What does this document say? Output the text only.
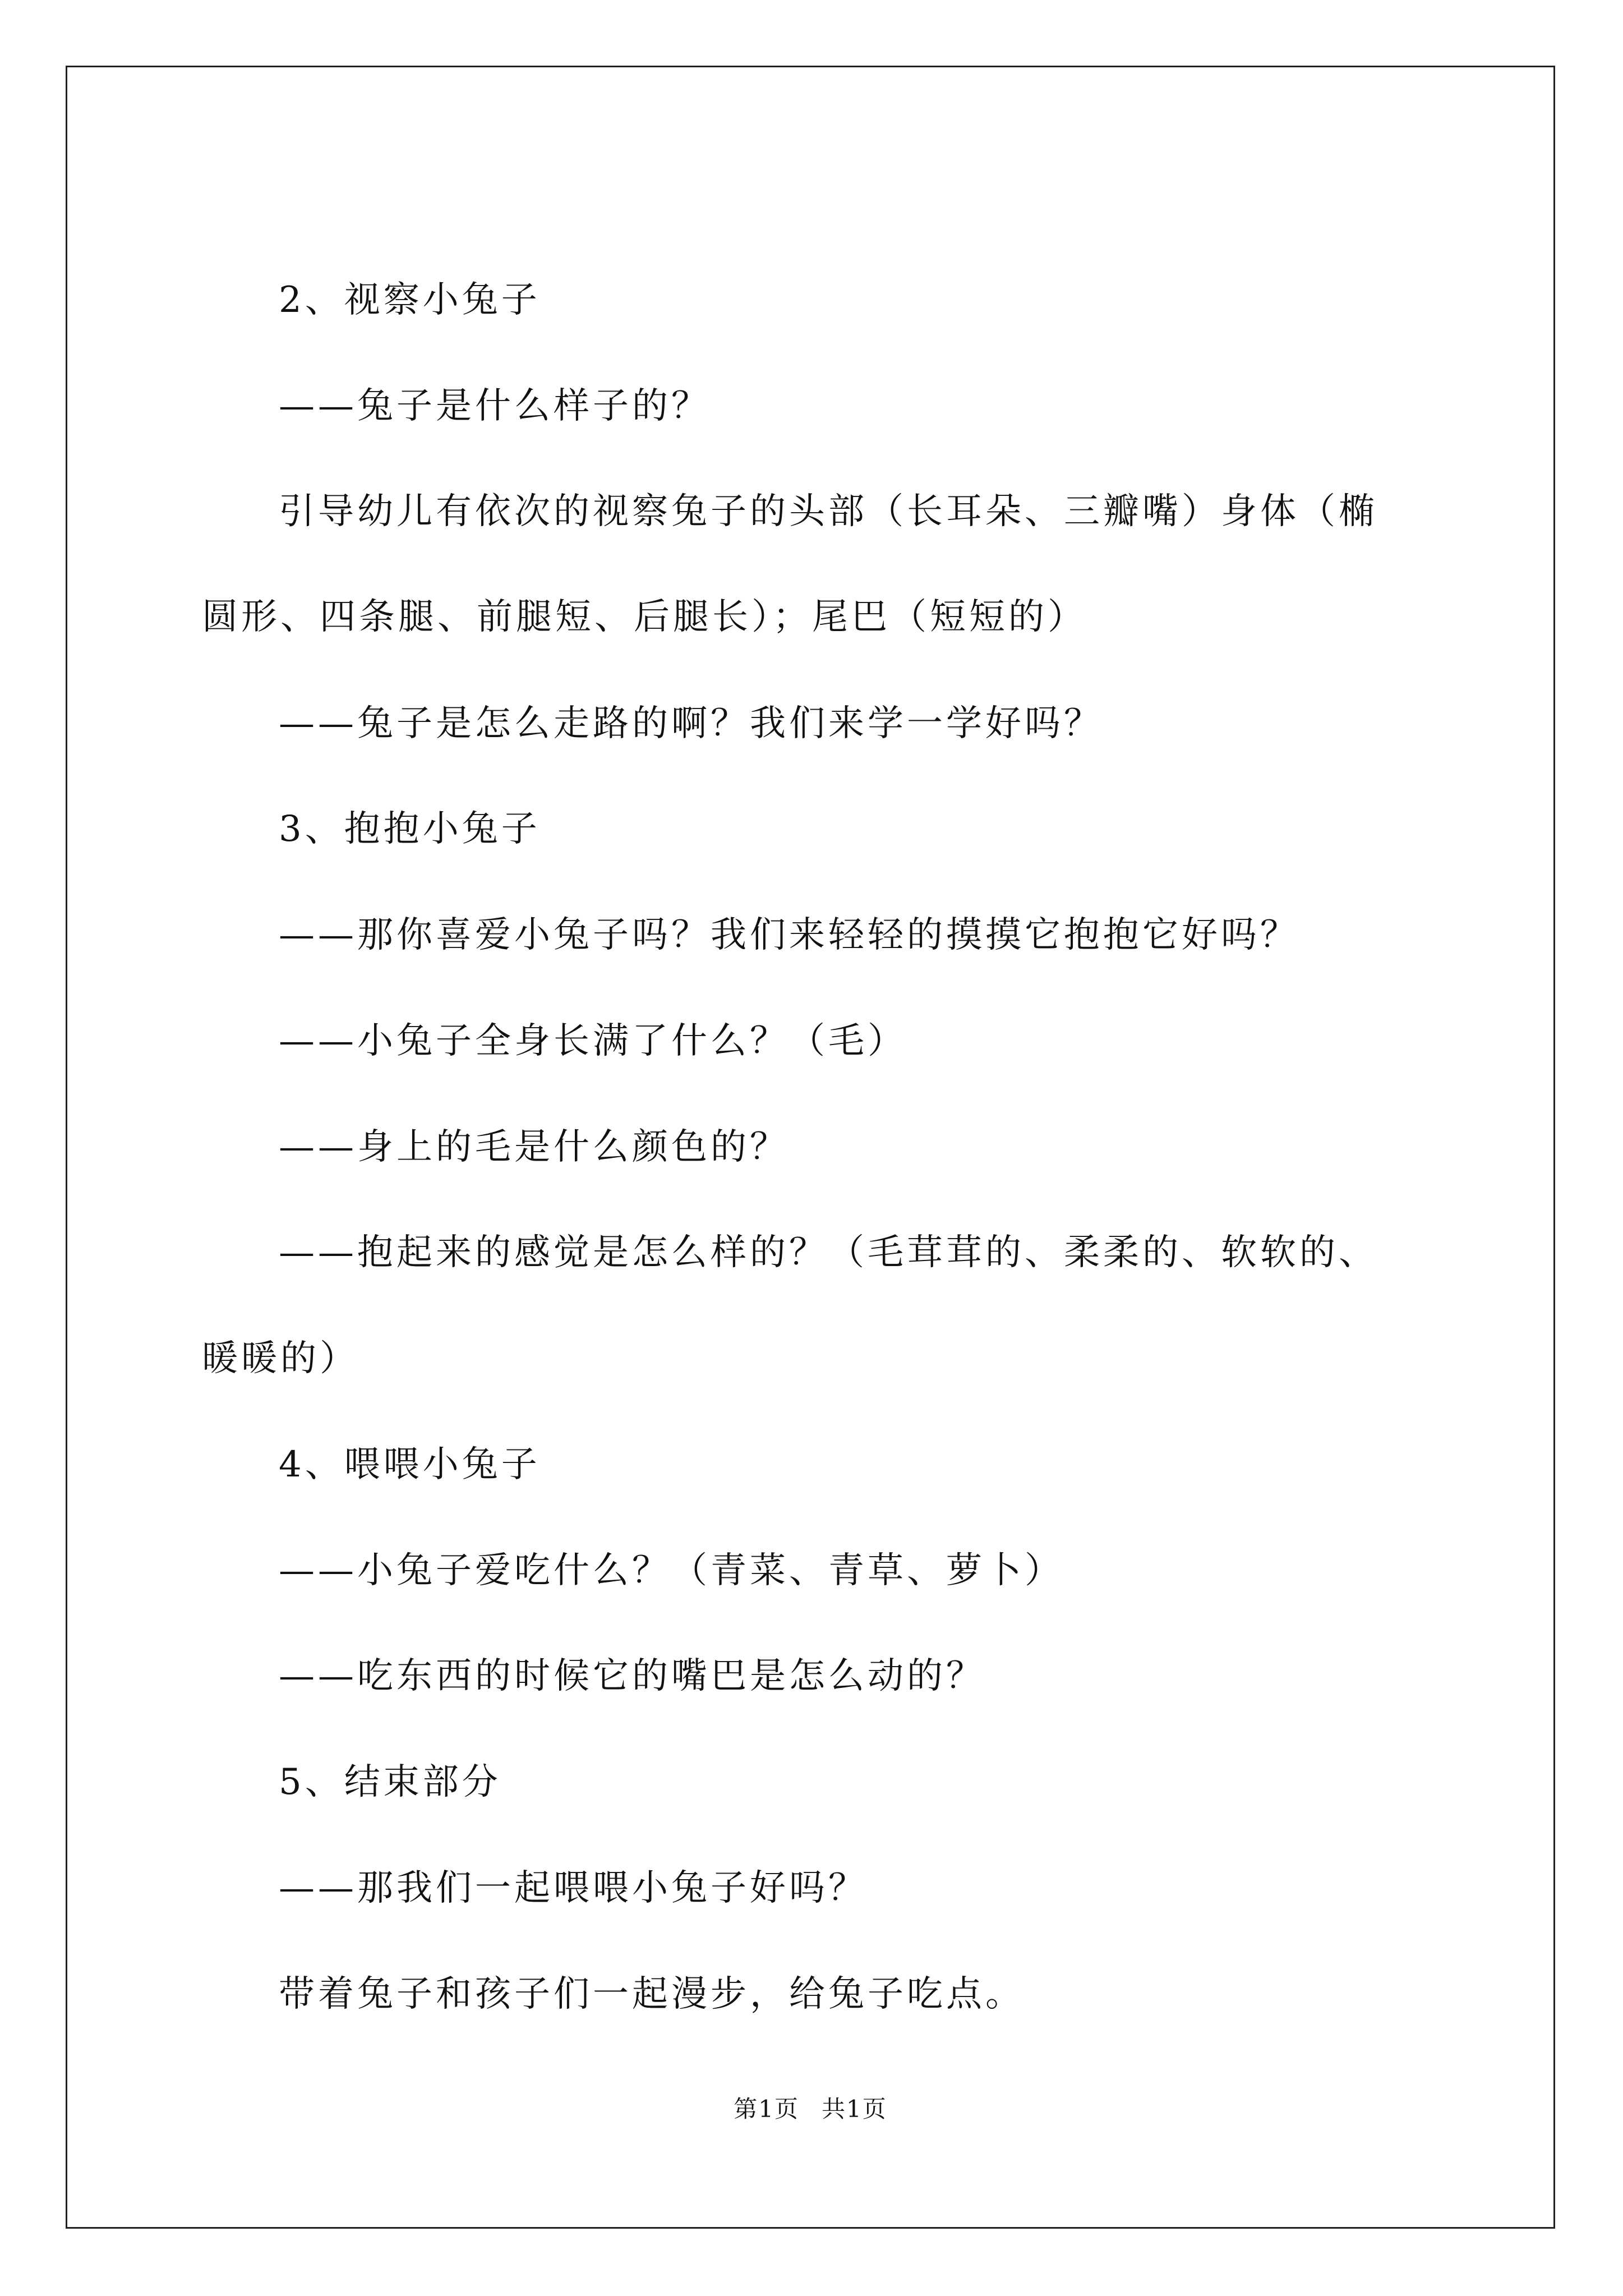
2、视察小兔子
——兔子是什么样子的？
引导幼儿有依次的视察兔子的头部（长耳朵、三瓣嘴）身体（椭
圆形、四条腿、前腿短、后腿长）；尾巴（短短的）
——兔子是怎么走路的啊？我们来学一学好吗？
3、抱抱小兔子
——那你喜爱小兔子吗？我们来轻轻的摸摸它抱抱它好吗？
——小兔子全身长满了什么？（毛）
——身上的毛是什么颜色的？
——抱起来的感觉是怎么样的？（毛茸茸的、柔柔的、软软的、
暖暖的）
4、喂喂小兔子
——小兔子爱吃什么？（青菜、青草、萝卜）
——吃东西的时候它的嘴巴是怎么动的？
5、结束部分
——那我们一起喂喂小兔子好吗？
带着兔子和孩子们一起漫步，给兔子吃点。
第1页 共1页
